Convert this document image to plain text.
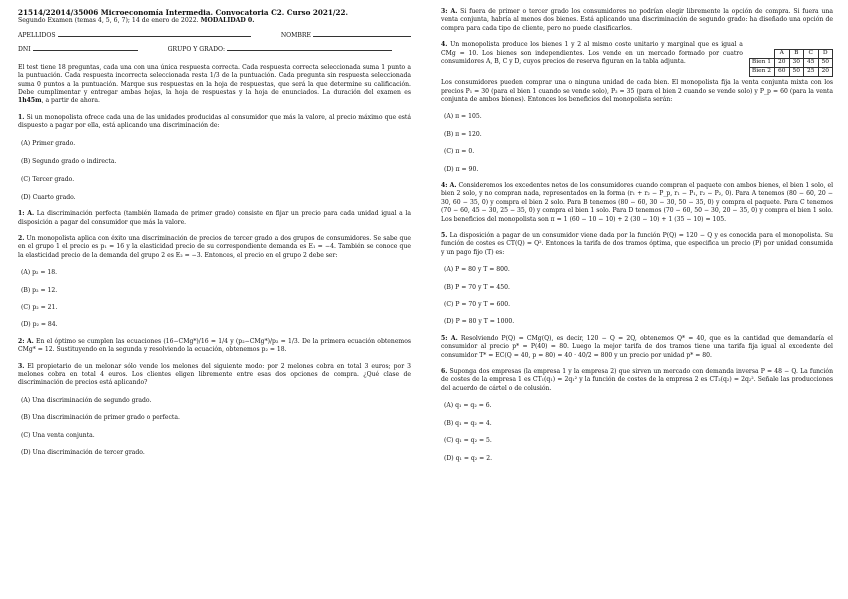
21514/22014/35006 Microeconomía Intermedia. Convocatoria C2. Curso 2021/22.
Segundo Examen (temas 4, 5, 6, 7); 14 de enero de 2022. MODALIDAD 0.
APELLIDOS	NOMBRE
DNI	GRUPO Y GRADO:

El test tiene 18 preguntas, cada una con una única respuesta correcta. Cada respuesta correcta seleccionada suma 1 punto a la puntuación. Cada respuesta incorrecta seleccionada resta 1/3 de la puntuación. Cada pregunta sin respuesta seleccionada suma 0 puntos a la puntuación. Marque sus respuestas en la hoja de respuestas, que será la que determine su calificación. Debe cumplimentar y entregar ambas hojas, la hoja de respuestas y la hoja de enunciados. La duración del examen es 1h45m, a partir de ahora.

1. Si un monopolista ofrece cada una de las unidades producidas al consumidor que más la valore, al precio máximo que está dispuesto a pagar por ella, está aplicando una discriminación de:

(A) Primer grado.
(B) Segundo grado o indirecta.
(C) Tercer grado.
(D) Cuarto grado.

1: A. La discriminación perfecta (también llamada de primer grado) consiste en fijar un precio para cada unidad igual a la disposición a pagar del consumidor que más la valore.

2. Un monopolista aplica con éxito una discriminación de precios de tercer grado a dos grupos de consumidores. Se sabe que en el grupo 1 el precio es p₁ = 16 y la elasticidad precio de su correspondiente demanda es E₁ = −4. También se conoce que la elasticidad precio de la demanda del grupo 2 es E₂ = −3. Entonces, el precio en el grupo 2 debe ser:

(A) p₂ = 18.
(B) p₂ = 12.
(C) p₂ = 21.
(D) p₂ = 84.

2: A. En el óptimo se cumplen las ecuaciones (16−CMg*)/16 = 1/4 y (p₂−CMg*)/p₂ = 1/3. De la primera ecuación obtenemos CMg* = 12. Sustituyendo en la segunda y resolviendo la ecuación, obtenemos p₂ = 18.

3. El propietario de un melonar sólo vende los melones del siguiente modo: por 2 melones cobra en total 3 euros; por 3 melones cobra en total 4 euros. Los clientes eligen libremente entre esas dos opciones de compra. ¿Qué clase de discriminación de precios está aplicando?

(A) Una discriminación de segundo grado.
(B) Una discriminación de primer grado o perfecta.
(C) Una venta conjunta.
(D) Una discriminación de tercer grado.

3: A. Si fuera de primer o tercer grado los consumidores no podrían elegir libremente la opción de compra. Si fuera una venta conjunta, habría al menos dos bienes. Está aplicando una discriminación de segundo grado: ha diseñado una opción de compra para cada tipo de cliente, pero no puede clasificarlos.

	A	B	C	D
Bien 1	20	30	45	50
Bien 2	60	50	25	20

4. Un monopolista produce los bienes 1 y 2 al mismo coste unitario y marginal que es igual a CMg = 10. Los bienes son independientes. Los vende en un mercado formado por cuatro consumidores A, B, C y D, cuyos precios de reserva figuran en la tabla adjunta.

Los consumidores pueden comprar una o ninguna unidad de cada bien. El monopolista fija la venta conjunta mixta con los precios P₁ = 30 (para el bien 1 cuando se vende solo), P₂ = 35 (para el bien 2 cuando se vende solo) y P_p = 60 (para la venta conjunta de ambos bienes). Entonces los beneficios del monopolista serán:

(A) π = 105.
(B) π = 120.
(C) π = 0.
(D) π = 90.

4: A. Consideremos los excedentes netos de los consumidores cuando compran el paquete con ambos bienes, el bien 1 solo, el bien 2 solo, y no compran nada, representados en la forma (r₁ + r₂ − P_p, r₁ − P₁, r₂ − P₂, 0). Para A tenemos (80 − 60, 20 − 30, 60 − 35, 0) y compra el bien 2 solo. Para B tenemos (80 − 60, 30 − 30, 50 − 35, 0) y compra el paquete. Para C tenemos (70 − 60, 45 − 30, 25 − 35, 0) y compra el bien 1 solo. Para D tenemos (70 − 60, 50 − 30, 20 − 35, 0) y compra el bien 1 solo. Los beneficios del monopolista son π = 1 (60 − 10 − 10) + 2 (30 − 10) + 1 (35 − 10) = 105.

5. La disposición a pagar de un consumidor viene dada por la función P(Q) = 120 − Q y es conocida para el monopolista. Su función de costes es CT(Q) = Q². Entonces la tarifa de dos tramos óptima, que especifica un precio (P) por unidad consumida y un pago fijo (T) es:

(A) P = 80 y T = 800.
(B) P = 70 y T = 450.
(C) P = 70 y T = 600.
(D) P = 80 y T = 1000.

5: A. Resolviendo P(Q) = CMg(Q), es decir, 120 − Q = 2Q, obtenemos Q* = 40, que es la cantidad que demandaría el consumidor al precio p* = P(40) = 80. Luego la mejor tarifa de dos tramos tiene una tarifa fija igual al excedente del consumidor T* = EC(Q = 40, p = 80) = 40 · 40/2 = 800 y un precio por unidad p* = 80.

6. Suponga dos empresas (la empresa 1 y la empresa 2) que sirven un mercado con demanda inversa P = 48 − Q. La función de costes de la empresa 1 es CT₁(q₁) = 2q₁² y la función de costes de la empresa 2 es CT₂(q₂) = 2q₂². Señale las producciones del acuerdo de cártel o de colusión.

(A) q₁ = q₂ = 6.
(B) q₁ = q₂ = 4.
(C) q₁ = q₂ = 5.
(D) q₁ = q₂ = 2.
